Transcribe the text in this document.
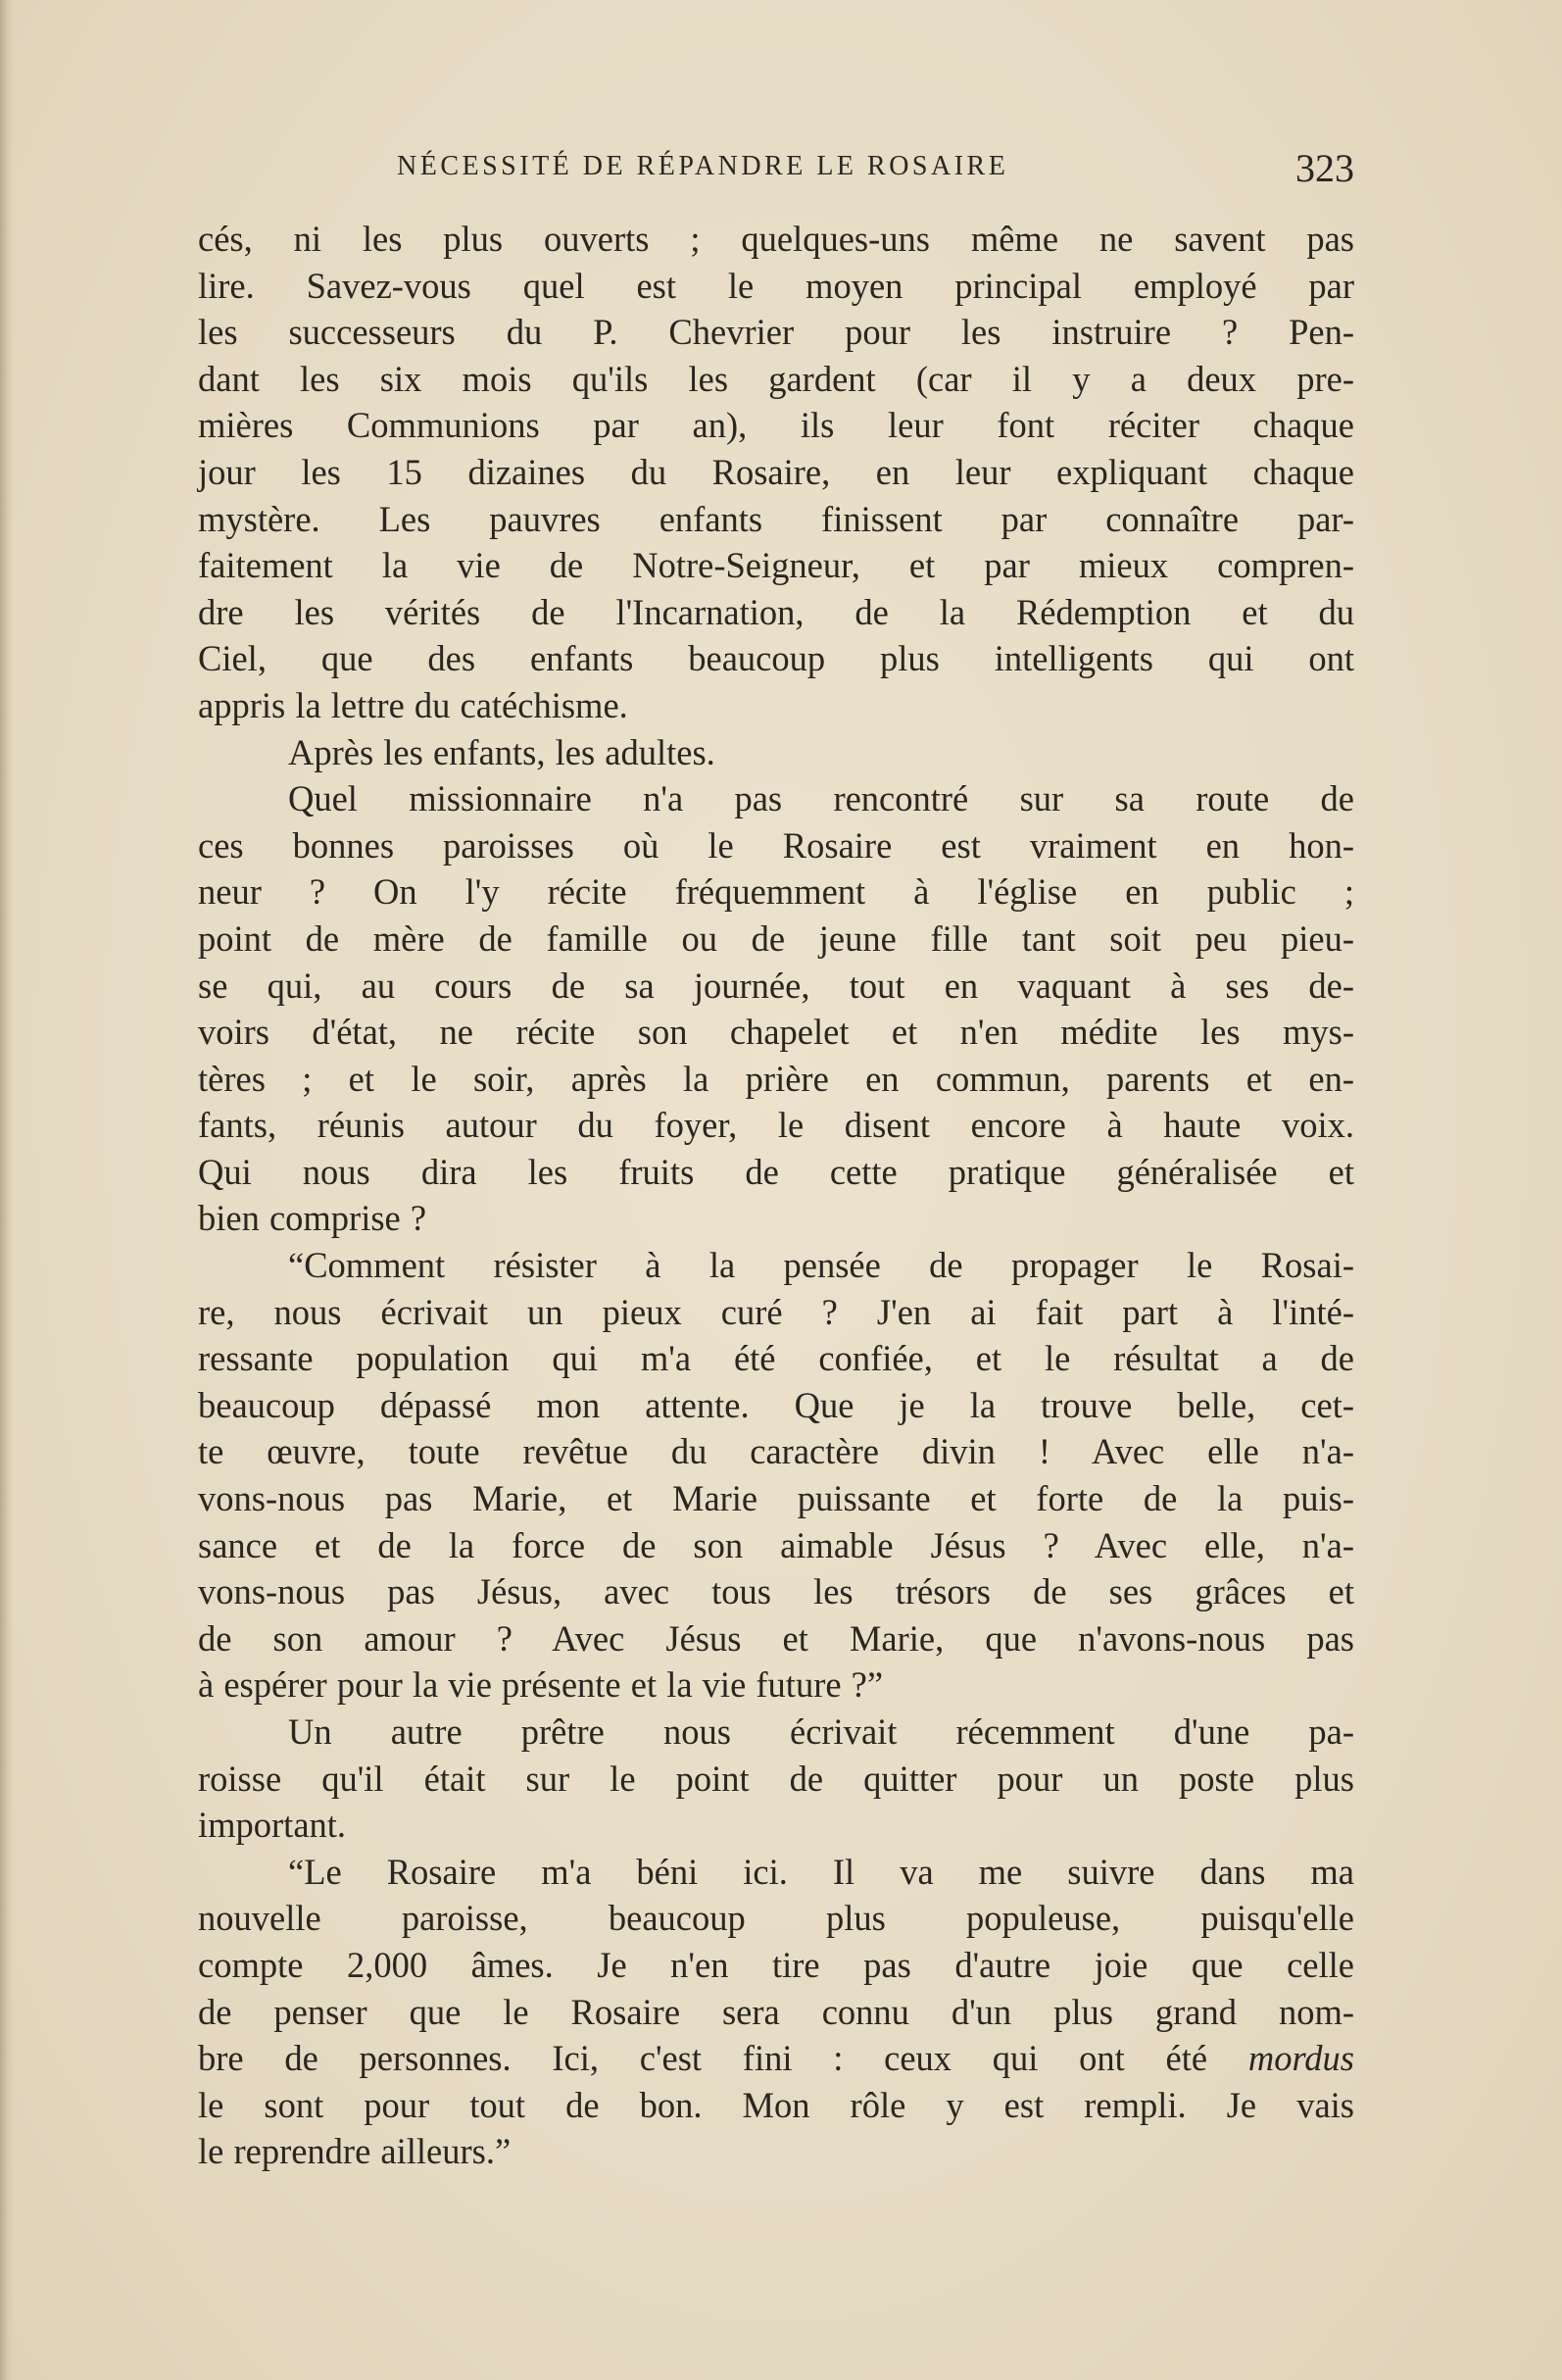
NÉCESSITÉ DE RÉPANDRE LE ROSAIRE	323
cés, ni les plus ouverts ; quelques-uns même ne savent pas
lire. Savez-vous quel est le moyen principal employé par
les successeurs du P. Chevrier pour les instruire ? Pen-
dant les six mois qu'ils les gardent (car il y a deux pre-
mières Communions par an), ils leur font réciter chaque
jour les 15 dizaines du Rosaire, en leur expliquant chaque
mystère. Les pauvres enfants finissent par connaître par-
faitement la vie de Notre-Seigneur, et par mieux compren-
dre les vérités de l'Incarnation, de la Rédemption et du
Ciel, que des enfants beaucoup plus intelligents qui ont
appris la lettre du catéchisme.
Après les enfants, les adultes.
Quel missionnaire n'a pas rencontré sur sa route de
ces bonnes paroisses où le Rosaire est vraiment en hon-
neur ? On l'y récite fréquemment à l'église en public ;
point de mère de famille ou de jeune fille tant soit peu pieu-
se qui, au cours de sa journée, tout en vaquant à ses de-
voirs d'état, ne récite son chapelet et n'en médite les mys-
tères ; et le soir, après la prière en commun, parents et en-
fants, réunis autour du foyer, le disent encore à haute voix.
Qui nous dira les fruits de cette pratique généralisée et
bien comprise ?
“Comment résister à la pensée de propager le Rosai-
re, nous écrivait un pieux curé ? J'en ai fait part à l'inté-
ressante population qui m'a été confiée, et le résultat a de
beaucoup dépassé mon attente. Que je la trouve belle, cet-
te œuvre, toute revêtue du caractère divin ! Avec elle n'a-
vons-nous pas Marie, et Marie puissante et forte de la puis-
sance et de la force de son aimable Jésus ? Avec elle, n'a-
vons-nous pas Jésus, avec tous les trésors de ses grâces et
de son amour ? Avec Jésus et Marie, que n'avons-nous pas
à espérer pour la vie présente et la vie future ?”
Un autre prêtre nous écrivait récemment d'une pa-
roisse qu'il était sur le point de quitter pour un poste plus
important.
“Le Rosaire m'a béni ici. Il va me suivre dans ma
nouvelle paroisse, beaucoup plus populeuse, puisqu'elle
compte 2,000 âmes. Je n'en tire pas d'autre joie que celle
de penser que le Rosaire sera connu d'un plus grand nom-
bre de personnes. Ici, c'est fini : ceux qui ont été mordus
le sont pour tout de bon. Mon rôle y est rempli. Je vais
le reprendre ailleurs.”
